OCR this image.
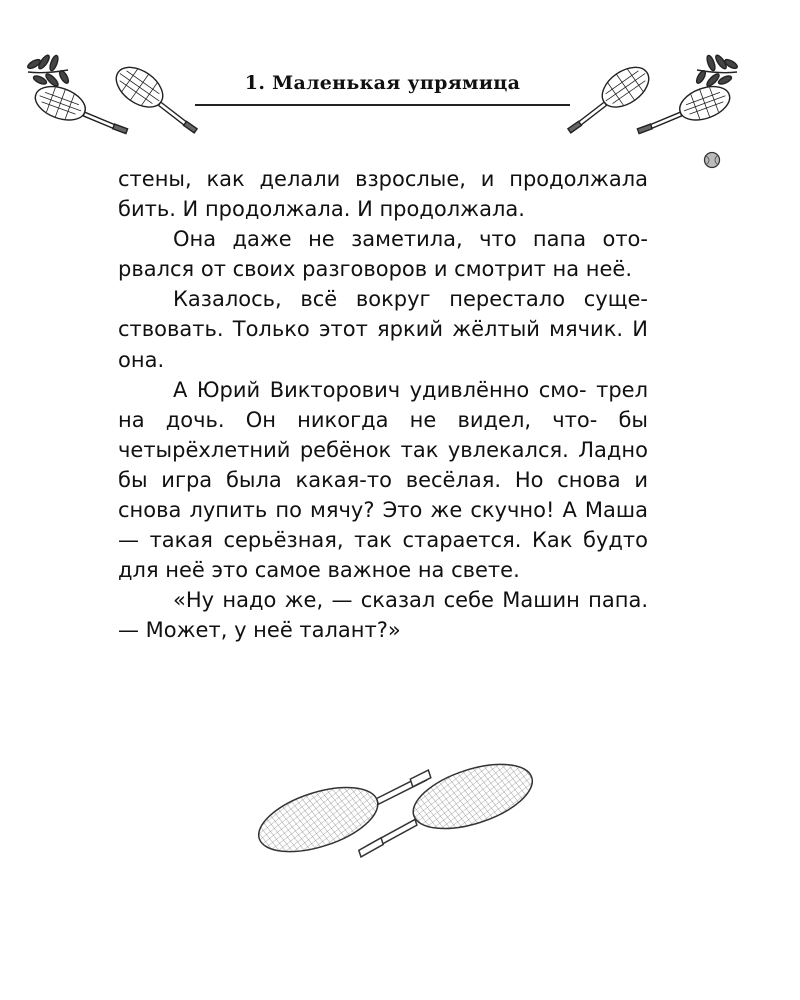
1. Маленькая упрямица

стены, как делали взрослые, и продолжала бить. И продолжала. И продолжала.

Она даже не заметила, что папа ото- рвался от своих разговоров и смотрит на неё.

Казалось, всё вокруг перестало суще- ствовать. Только этот яркий жёлтый мячик. И она.

А Юрий Викторович удивлённо смо- трел на дочь. Он никогда не видел, что- бы четырёхлетний ребёнок так увлекался. Ладно бы игра была какая-то весёлая. Но снова и снова лупить по мячу? Это же скучно! А Маша — такая серьёзная, так старается. Как будто для неё это самое важное на свете.

«Ну надо же, — сказал себе Машин папа. — Может, у неё талант?»
